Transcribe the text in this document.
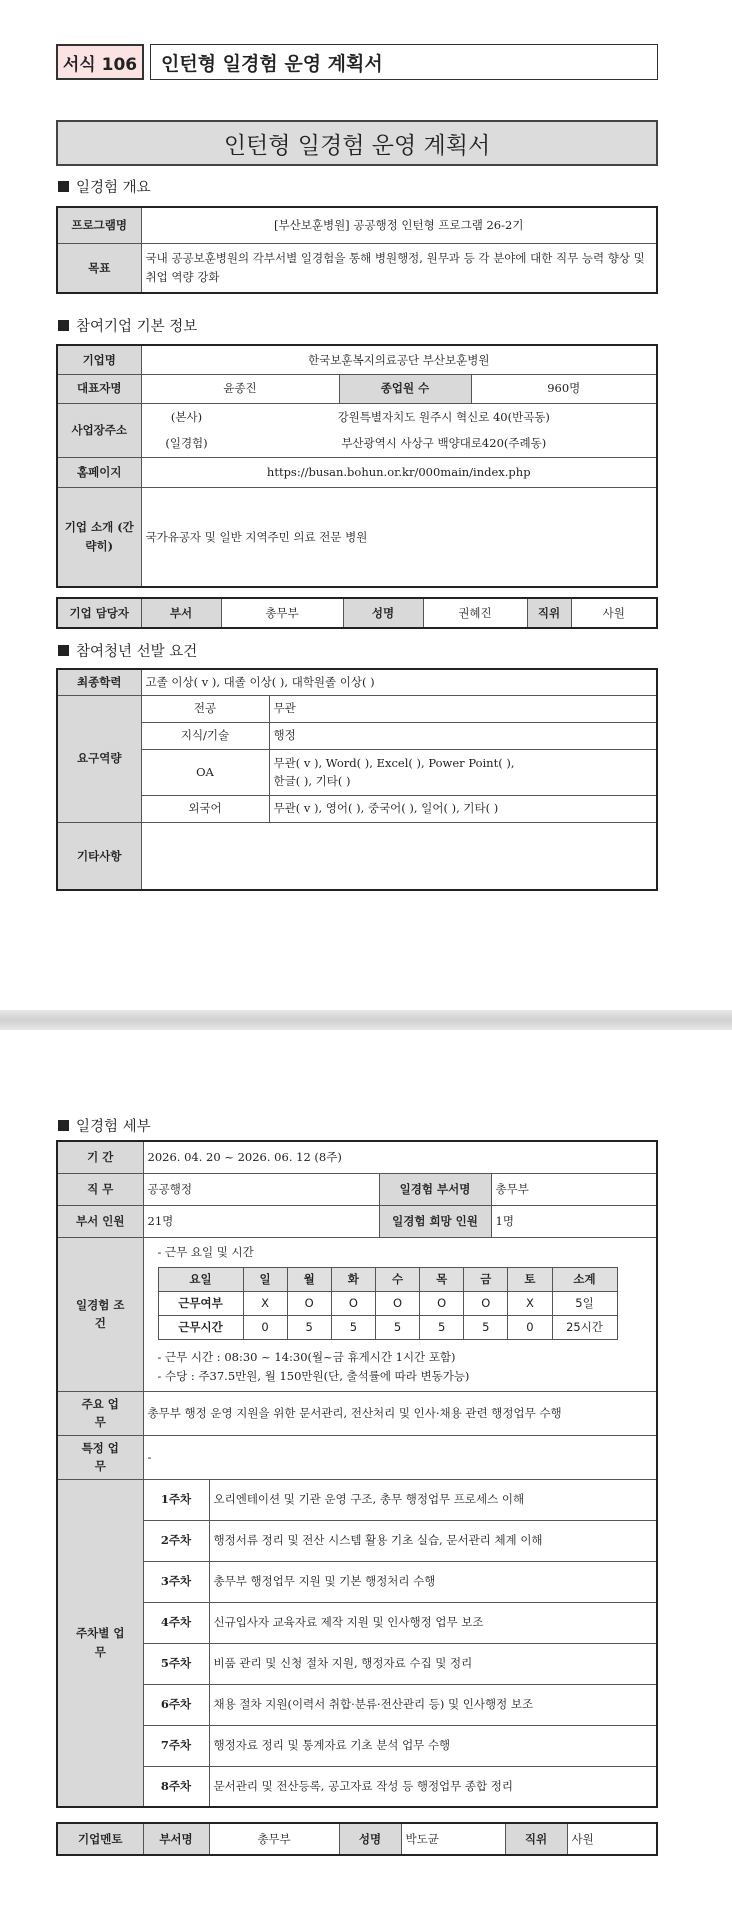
서식 106	인턴형 일경험 운영 계획서
인턴형 일경험 운영 계획서
일경험 개요
프로그램명	[부산보훈병원] 공공행정 인턴형 프로그램 26-2기
목표	국내 공공보훈병원의 각부서별 일경험을 통해 병원행정, 원무과 등 각 분야에 대한 직무 능력 향상 및 취업 역량 강화
참여기업 기본 정보
기업명	한국보훈복지의료공단 부산보훈병원		
대표자명	윤종진	종업원 수	960명
사업장주소	(본사) 강원특별자치도 원주시 혁신로 40(반곡동)
(일경험) 부산광역시 사상구 백양대로420(주례동)		

홈페이지	https://busan.bohun.or.kr/000main/index.php		
기업 소개 (간략히)	국가유공자 및 일반 지역주민 의료 전문 병원		
기업 담당자	부서	총무부	성명	권혜진	직위	사원
참여청년 선발 요건
최종학력	고졸 이상( v ), 대졸 이상( ), 대학원졸 이상( )	
요구역량	전공	무관
	지식/기술	행정
	OA	무관( v ), Word( ), Excel( ), Power Point( ),
한글( ), 기타( )

	외국어	무관( v ), 영어( ), 중국어( ), 일어( ), 기타( )
기타사항		
일경험 세부
기 간	2026. 04. 20 ~ 2026. 06. 12 (8주)
직 무	공공행정	일경험 부서명	총무부
부서 인원	21명	일경험 희망 인원	1명
일경험 조 건	
- 근무 요일 및 시간
요일	일	월	화	수	목	금	토	소계
근무여부	X	O	O	O	O	O	X	5일
근무시간	0	5	5	5	5	5	0	25시간
- 근무 시간 : 08:30 ~ 14:30(월~금 휴게시간 1시간 포함)
- 수당 : 주37.5만원, 월 150만원(단, 출석률에 따라 변동가능)

주요 업무	총무부 행정 운영 지원을 위한 문서관리, 전산처리 및 인사·채용 관련 행정업무 수행
특정 업무	-
주차별 업무	1주차	오리엔테이션 및 기관 운영 구조, 총무 행정업무 프로세스 이해
2주차	행정서류 정리 및 전산 시스템 활용 기초 실습, 문서관리 체계 이해
3주차	총무부 행정업무 지원 및 기본 행정처리 수행
4주차	신규입사자 교육자료 제작 지원 및 인사행정 업무 보조
5주차	비품 관리 및 신청 절차 지원, 행정자료 수집 및 정리
6주차	채용 절차 지원(이력서 취합·분류·전산관리 등) 및 인사행정 보조
7주차	행정자료 정리 및 통계자료 기초 분석 업무 수행
8주차	문서관리 및 전산등록, 공고자료 작성 등 행정업무 종합 정리
기업멘토	부서명	총무부	성명	박도균	직위	사원
